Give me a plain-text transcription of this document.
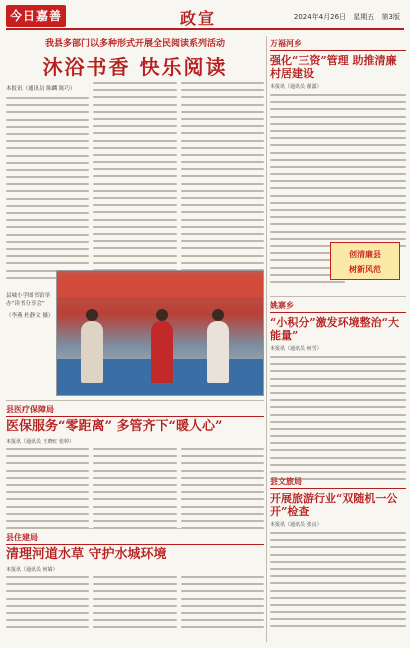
今日嘉善	政宣	2024年4月26日 星期五 第3版
我县多部门以多种形式开展全民阅读系列活动
沐浴书香 快乐阅读
本报讯（通讯员 陈麟 陈巧）
县城小学图书馆举办“读书分享会”
（李燕 杜静文 摄）
万福河乡
强化“三资”管理 助推清廉村居建设
本报讯（通讯员 翟露）
创清廉县
树新风范
姚寨乡
“小积分”激发环境整治“大能量”
本报讯（通讯员 何雪）
县文旅局
开展旅游行业“双随机一公开”检查
本报讯（通讯员 张良）
县医疗保障局
医保服务“零距离” 多管齐下“暖人心”
本报讯（通讯员 王晓红 张婷）
县住建局
清理河道水草 守护水城环境
本报讯（通讯员 何婧）
